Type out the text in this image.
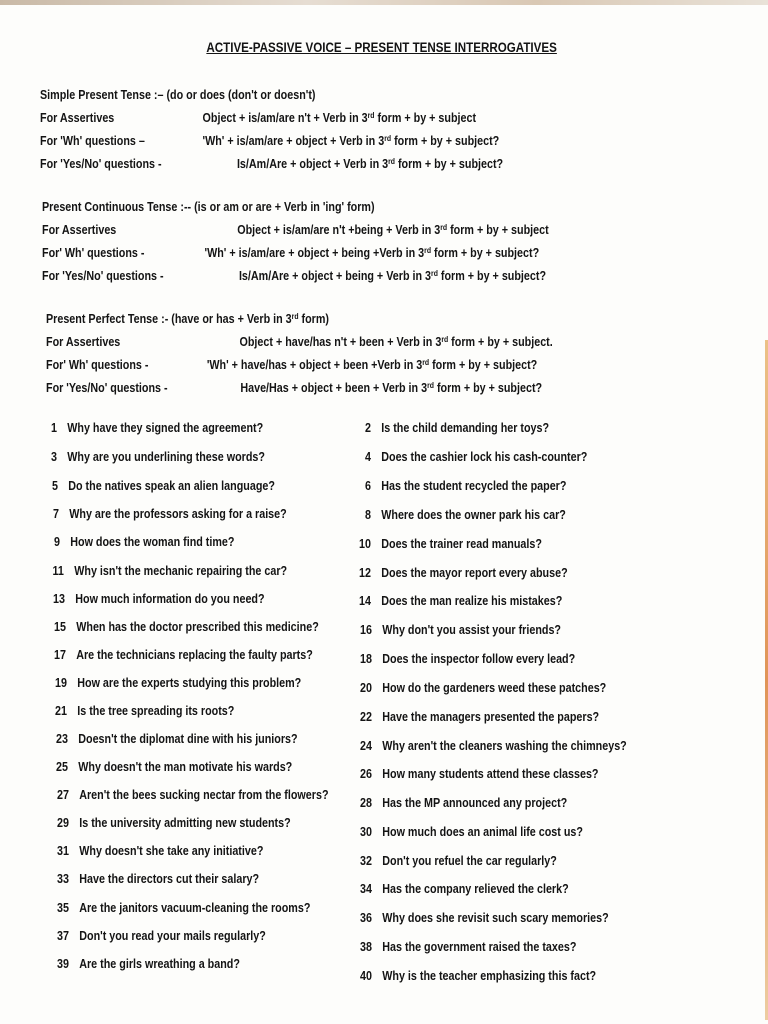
ACTIVE-PASSIVE VOICE – PRESENT TENSE INTERROGATIVES
Simple Present Tense :– (do or does (don't or doesn't)
For Assertives	Object + is/am/are n't + Verb in 3rd form + by + subject
For 'Wh' questions –	'Wh' + is/am/are + object + Verb in 3rd form + by + subject?
For 'Yes/No' questions -	Is/Am/Are + object + Verb in 3rd form + by + subject?
Present Continuous Tense :-- (is or am or are + Verb in 'ing' form)
For Assertives	Object + is/am/are n't +being + Verb in 3rd form + by + subject
For' Wh' questions -	'Wh' + is/am/are + object + being +Verb in 3rd form + by + subject?
For 'Yes/No' questions -	Is/Am/Are + object + being + Verb in 3rd form + by + subject?
Present Perfect Tense :- (have or has + Verb in 3rd form)
For Assertives	Object + have/has n't + been + Verb in 3rd form + by + subject.
For' Wh' questions -	'Wh' + have/has + object + been +Verb in 3rd form + by + subject?
For 'Yes/No' questions -	Have/Has + object + been + Verb in 3rd form + by + subject?
1 Why have they signed the agreement?
3 Why are you underlining these words?
5 Do the natives speak an alien language?
7 Why are the professors asking for a raise?
9 How does the woman find time?
11 Why isn't the mechanic repairing the car?
13 How much information do you need?
15 When has the doctor prescribed this medicine?
17 Are the technicians replacing the faulty parts?
19 How are the experts studying this problem?
21 Is the tree spreading its roots?
23 Doesn't the diplomat dine with his juniors?
25 Why doesn't the man motivate his wards?
27 Aren't the bees sucking nectar from the flowers?
29 Is the university admitting new students?
31 Why doesn't she take any initiative?
33 Have the directors cut their salary?
35 Are the janitors vacuum-cleaning the rooms?
37 Don't you read your mails regularly?
39 Are the girls wreathing a band?
2 Is the child demanding her toys?
4 Does the cashier lock his cash-counter?
6 Has the student recycled the paper?
8 Where does the owner park his car?
10 Does the trainer read manuals?
12 Does the mayor report every abuse?
14 Does the man realize his mistakes?
16 Why don't you assist your friends?
18 Does the inspector follow every lead?
20 How do the gardeners weed these patches?
22 Have the managers presented the papers?
24 Why aren't the cleaners washing the chimneys?
26 How many students attend these classes?
28 Has the MP announced any project?
30 How much does an animal life cost us?
32 Don't you refuel the car regularly?
34 Has the company relieved the clerk?
36 Why does she revisit such scary memories?
38 Has the government raised the taxes?
40 Why is the teacher emphasizing this fact?
